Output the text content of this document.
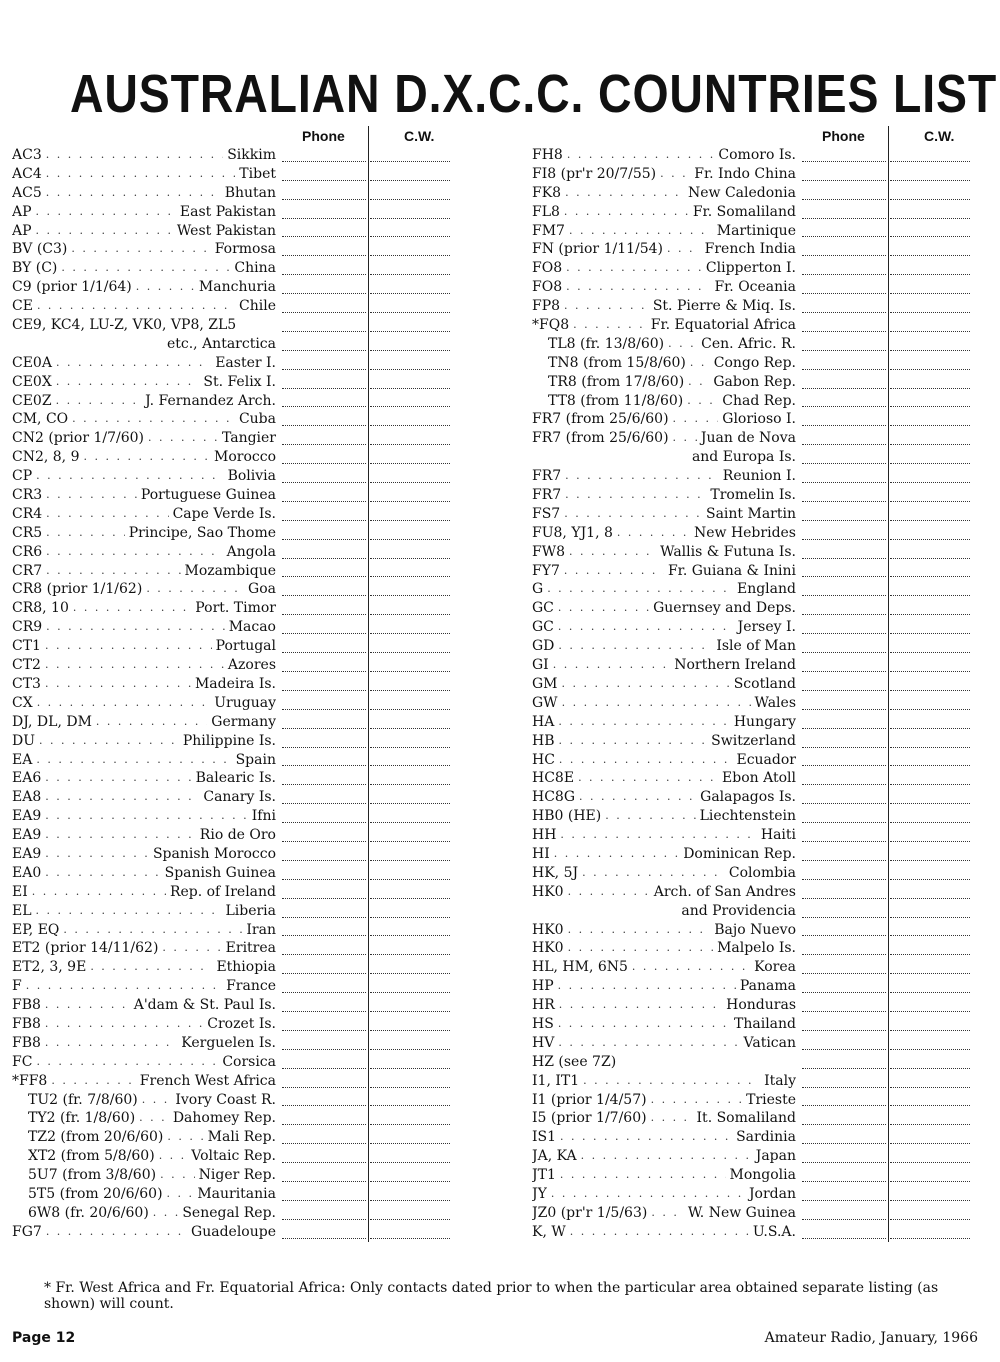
AUSTRALIAN D.X.C.C. COUNTRIES LIST
Phone	C.W.
AC3 . . .	Sikkim
AC4 . . .	Tibet
AC5 . . .	Bhutan
AP . . .	East Pakistan
AP . . .	West Pakistan
BV (C3) . . .	Formosa
BY (C) . . .	China
C9 (prior 1/1/64) . . .	Manchuria
CE . . .	Chile
CE9, KC4, LU-Z, VK0, VP8, ZL5
etc., Antarctica
CE0A . . .	Easter I.
CE0X . . .	St. Felix I.
CE0Z . . .	J. Fernandez Arch.
CM, CO . . .	Cuba
CN2 (prior 1/7/60) . . .	Tangier
CN2, 8, 9 . . .	Morocco
CP . . .	Bolivia
CR3 . . .	Portuguese Guinea
CR4 . . .	Cape Verde Is.
CR5 . . .	Principe, Sao Thome
CR6 . . .	Angola
CR7 . . .	Mozambique
CR8 (prior 1/1/62) . . .	Goa
CR8, 10 . . .	Port. Timor
CR9 . . .	Macao
CT1 . . .	Portugal
CT2 . . .	Azores
CT3 . . .	Madeira Is.
CX . . .	Uruguay
DJ, DL, DM . . .	Germany
DU . . .	Philippine Is.
EA . . .	Spain
EA6 . . .	Balearic Is.
EA8 . . .	Canary Is.
EA9 . . .	Ifni
EA9 . . .	Rio de Oro
EA9 . . .	Spanish Morocco
EA0 . . .	Spanish Guinea
EI . . .	Rep. of Ireland
EL . . .	Liberia
EP, EQ . . .	Iran
ET2 (prior 14/11/62) . . .	Eritrea
ET2, 3, 9E . . .	Ethiopia
F . . .	France
FB8 . . .	A'dam & St. Paul Is.
FB8 . . .	Crozet Is.
FB8 . . .	Kerguelen Is.
FC . . .	Corsica
*FF8 . . .	French West Africa
TU2 (fr. 7/8/60) . . .	Ivory Coast R.
TY2 (fr. 1/8/60) . . .	Dahomey Rep.
TZ2 (from 20/6/60) . . .	Mali Rep.
XT2 (from 5/8/60) . . .	Voltaic Rep.
5U7 (from 3/8/60) . . .	Niger Rep.
5T5 (from 20/6/60) . . . Mauritania
6W8 (fr. 20/6/60) . . . Senegal Rep.
FG7 . . .	Guadeloupe
Phone	C.W.
FH8 . . .	Comoro Is.
FI8 (pr'r 20/7/55) . . .	Fr. Indo China
FK8 . . .	New Caledonia
FL8 . . .	Fr. Somaliland
FM7 . . .	Martinique
FN (prior 1/11/54) . . .	French India
FO8 . . .	Clipperton I.
FO8 . . .	Fr. Oceania
FP8 . . .	St. Pierre & Miq. Is.
*FQ8 . . .	Fr. Equatorial Africa
TL8 (fr. 13/8/60) . . .	Cen. Afric. R.
TN8 (from 15/8/60) . . . Congo Rep.
TR8 (from 17/8/60) . . . Gabon Rep.
TT8 (from 11/8/60) . . .	Chad Rep.
FR7 (from 25/6/60) . . .	Glorioso I.
FR7 (from 25/6/60) . . . Juan de Nova
and Europa Is.
FR7 . . .	Reunion I.
FR7 . . .	Tromelin Is.
FS7 . . .	Saint Martin
FU8, YJ1, 8 . . .	New Hebrides
FW8 . . .	Wallis & Futuna Is.
FY7 . . .	Fr. Guiana & Inini
G . . .	England
GC . . .	Guernsey and Deps.
GC . . .	Jersey I.
GD . . .	Isle of Man
GI . . .	Northern Ireland
GM . . .	Scotland
GW . . .	Wales
HA . . .	Hungary
HB . . .	Switzerland
HC . . .	Ecuador
HC8E . . .	Ebon Atoll
HC8G . . .	Galapagos Is.
HB0 (HE) . . .	Liechtenstein
HH . . .	Haiti
HI . . .	Dominican Rep.
HK, 5J . . .	Colombia
HK0 . . .	Arch. of San Andres
and Providencia
HK0 . . .	Bajo Nuevo
HK0 . . .	Malpelo Is.
HL, HM, 6N5 . . .	Korea
HP . . .	Panama
HR . . .	Honduras
HS . . .	Thailand
HV . . .	Vatican
HZ (see 7Z)
I1, IT1 . . .	Italy
I1 (prior 1/4/57) . . .	Trieste
I5 (prior 1/7/60) . . .	It. Somaliland
IS1 . . .	Sardinia
JA, KA . . .	Japan
JT1 . . .	Mongolia
JY . . .	Jordan
JZ0 (pr'r 1/5/63) . . .	W. New Guinea
K, W . . .	U.S.A.

* Fr. West Africa and Fr. Equatorial Africa: Only contacts dated prior to when the particular area obtained separate listing (as shown) will count.

Page 12	Amateur Radio, January, 1966
